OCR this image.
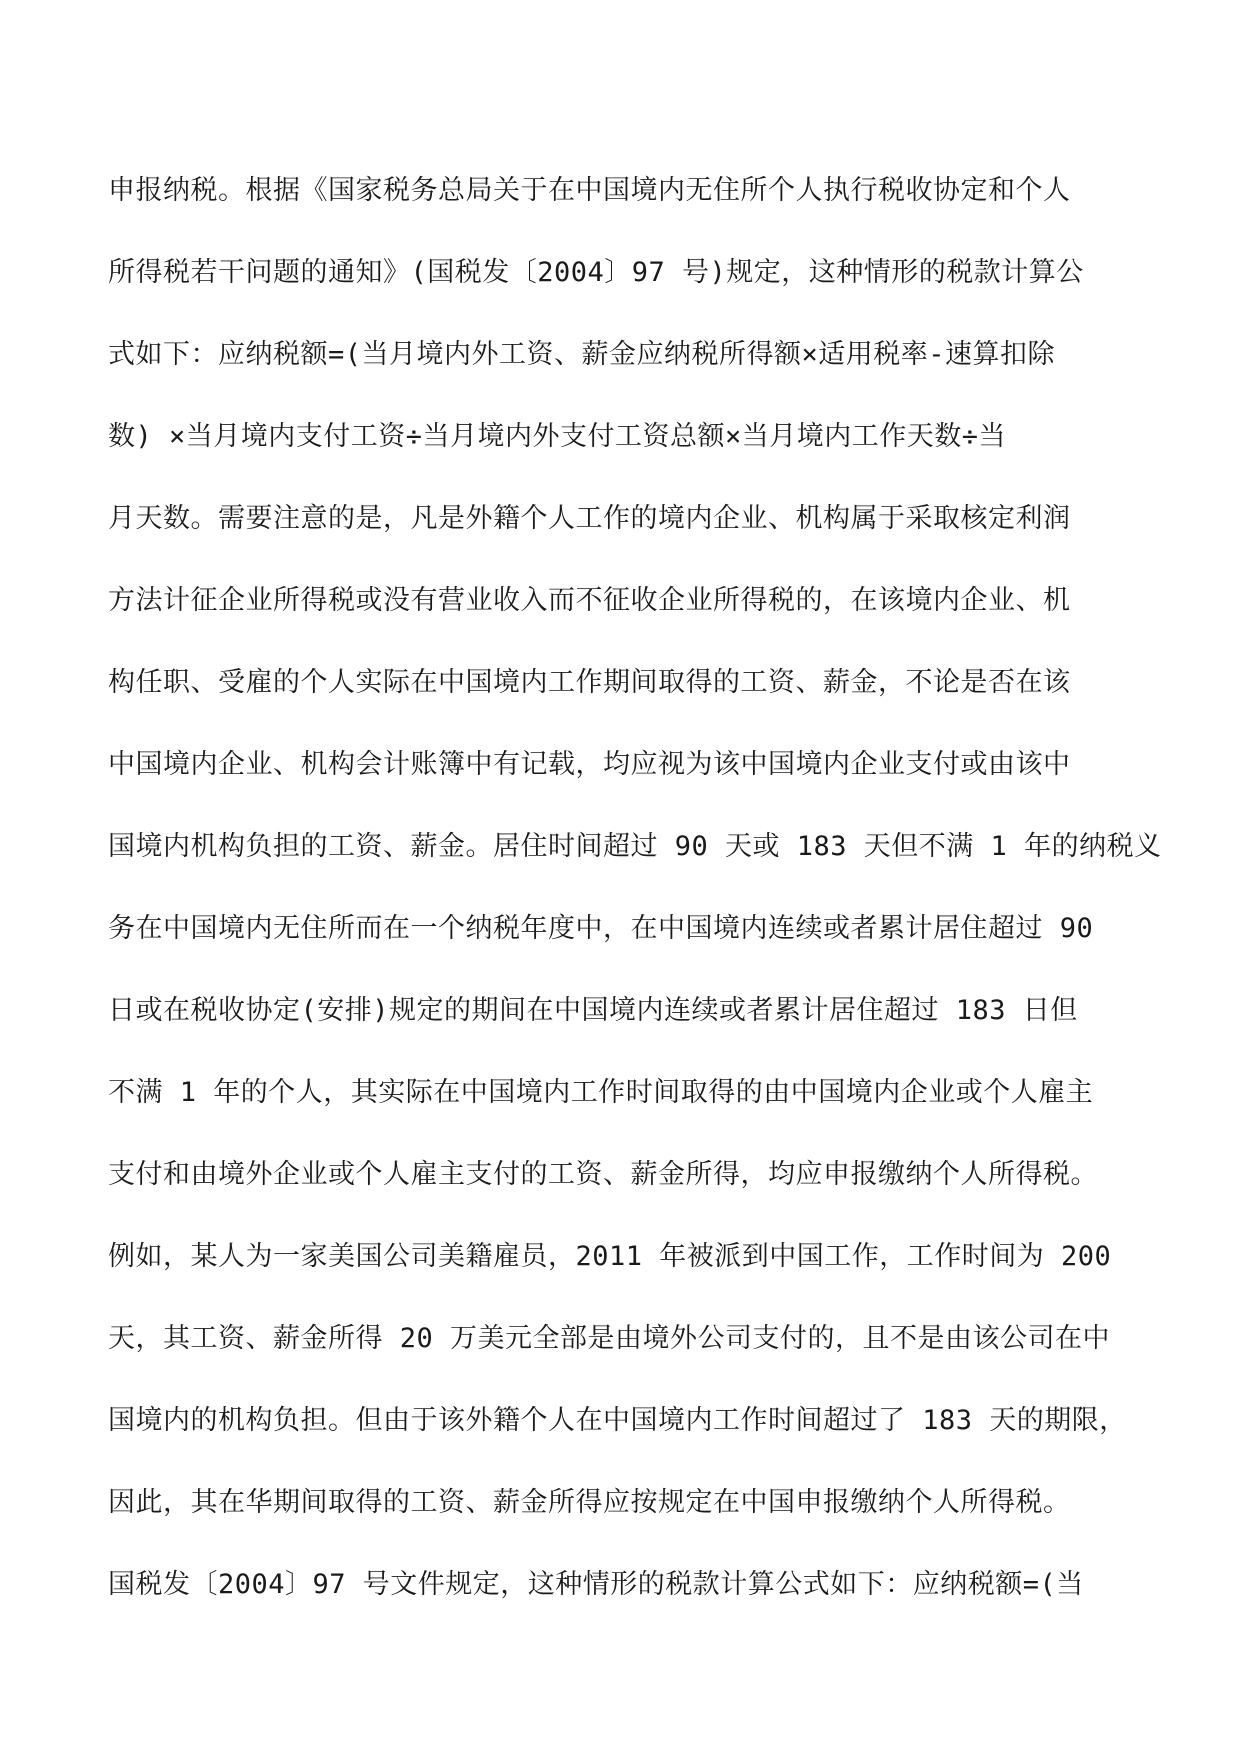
申报纳税。根据《国家税务总局关于在中国境内无住所个人执行税收协定和个人
所得税若干问题的通知》(国税发〔2004〕97 号)规定，这种情形的税款计算公
式如下：应纳税额=(当月境内外工资、薪金应纳税所得额×适用税率-速算扣除
数) ×当月境内支付工资÷当月境内外支付工资总额×当月境内工作天数÷当
月天数。需要注意的是，凡是外籍个人工作的境内企业、机构属于采取核定利润
方法计征企业所得税或没有营业收入而不征收企业所得税的，在该境内企业、机
构任职、受雇的个人实际在中国境内工作期间取得的工资、薪金，不论是否在该
中国境内企业、机构会计账簿中有记载，均应视为该中国境内企业支付或由该中
国境内机构负担的工资、薪金。居住时间超过 90 天或 183 天但不满 1 年的纳税义
务在中国境内无住所而在一个纳税年度中，在中国境内连续或者累计居住超过 90
日或在税收协定(安排)规定的期间在中国境内连续或者累计居住超过 183 日但
不满 1 年的个人，其实际在中国境内工作时间取得的由中国境内企业或个人雇主
支付和由境外企业或个人雇主支付的工资、薪金所得，均应申报缴纳个人所得税。
例如，某人为一家美国公司美籍雇员，2011 年被派到中国工作，工作时间为 200
天，其工资、薪金所得 20 万美元全部是由境外公司支付的，且不是由该公司在中
国境内的机构负担。但由于该外籍个人在中国境内工作时间超过了 183 天的期限，
因此，其在华期间取得的工资、薪金所得应按规定在中国申报缴纳个人所得税。
国税发〔2004〕97 号文件规定，这种情形的税款计算公式如下：应纳税额=(当
